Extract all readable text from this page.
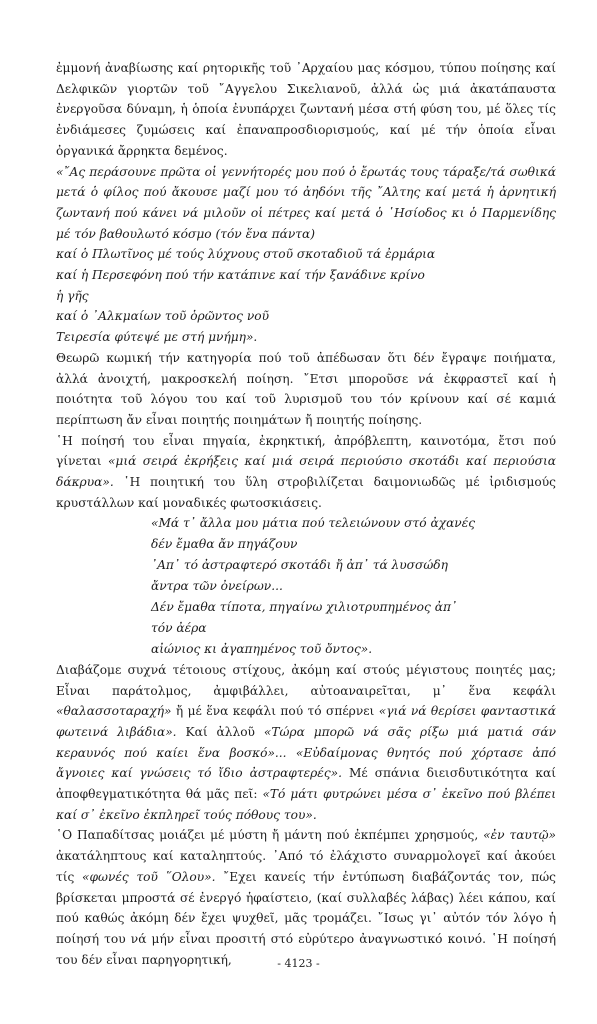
ἐμμονή ἀναβίωσης καί ρητορικῆς τοῦ ᾿Αρχαίου μας κόσμου, τύπου ποίησης καί Δελφικῶν γιορτῶν τοῦ ῎Αγγελου Σικελιανοῦ, ἀλλά ὡς μιά ἀκατάπαυστα ἐνεργοῦσα δύναμη, ἡ ὁποία ἐνυπάρχει ζωντανή μέσα στή φύση του, μέ ὅλες τίς ἐνδιάμεσες ζυμώσεις καί ἐπαναπροσδιορισμούς, καί μέ τήν ὁποία εἶναι ὀργανικά ἄρρηκτα δεμένος.

«῎Ας περάσουνε πρῶτα οἱ γεννήτορές μου πού ὁ ἔρωτάς τους τάραξε/τά σωθικά μετά ὁ φίλος πού ἄκουσε μαζί μου τό ἀηδόνι τῆς ῎Αλτης καί μετά ἡ ἀρνητική ζωντανή πού κάνει νά μιλοῦν οἱ πέτρες καί μετά ὁ ῾Ησίοδος κι ὁ Παρμενίδης μέ τόν βαθουλωτό κόσμο (τόν ἕνα πάντα)

καί ὁ Πλωτῖνος μέ τούς λύχνους στοῦ σκοταδιοῦ τά ἐρμάρια

καί ἡ Περσεφόνη πού τήν κατάπινε καί τήν ξανάδινε κρίνο

ἡ γῆς

καί ὁ ᾿Αλκμαίων τοῦ ὁρῶντος νοῦ

Τειρεσία φύτεψέ με στή μνήμη».

Θεωρῶ κωμική τήν κατηγορία πού τοῦ ἀπέδωσαν ὅτι δέν ἔγραψε ποιήματα, ἀλλά ἀνοιχτή, μακροσκελή ποίηση. ῎Ετσι μποροῦσε νά ἐκφραστεῖ καί ἡ ποιότητα τοῦ λόγου του καί τοῦ λυρισμοῦ του τόν κρίνουν καί σέ καμιά περίπτωση ἄν εἶναι ποιητής ποιημάτων ἤ ποιητής ποίησης.

῾Η ποίησή του εἶναι πηγαία, ἐκρηκτική, ἀπρόβλεπτη, καινοτόμα, ἔτσι πού γίνεται «μιά σειρά ἐκρήξεις καί μιά σειρά περιούσιο σκοτάδι καί περιούσια δάκρυα». ῾Η ποιητική του ὕλη στροβιλίζεται δαιμονιωδῶς μέ ἰριδισμούς κρυστάλλων καί μοναδικές φωτοσκιάσεις.

«Μά τ᾿ ἄλλα μου μάτια πού τελειώνουν στό ἀχανές
δέν ἔμαθα ἄν πηγάζουν
᾿Απ᾿ τό ἀστραφτερό σκοτάδι ἤ ἀπ᾿ τά λυσσώδη
ἄντρα τῶν ὀνείρων...
Δέν ἔμαθα τίποτα, πηγαίνω χιλιοτρυπημένος ἀπ᾿
τόν ἀέρα
αἰώνιος κι ἀγαπημένος τοῦ ὄντος».

Διαβάζομε συχνά τέτοιους στίχους, ἀκόμη καί στούς μέγιστους ποιητές μας; Εἶναι παράτολμος, ἀμφιβάλλει, αὐτοαναιρεῖται, μ᾿ ἕνα κεφάλι «θαλασσοταραχή» ἤ μέ ἕνα κεφάλι πού τό σπέρνει «γιά νά θερίσει φανταστικά φωτεινά λιβάδια». Καί ἀλλοῦ «Τώρα μπορῶ νά σᾶς ρίξω μιά ματιά σάν κεραυνός πού καίει ἕνα βοσκό»... «Εὐδαίμονας θνητός πού χόρτασε ἀπό ἄγνοιες καί γνώσεις τό ἴδιο ἀστραφτερές». Μέ σπάνια διεισδυτικότητα καί ἀποφθεγματικότητα θά μᾶς πεῖ: «Τό μάτι φυτρώνει μέσα σ᾿ ἐκεῖνο πού βλέπει καί σ᾿ ἐκεῖνο ἐκπληρεῖ τούς πόθους του».

῾Ο Παπαδίτσας μοιάζει μέ μύστη ἤ μάντη πού ἐκπέμπει χρησμούς, «ἐν ταυτῷ» ἀκατάληπτους καί καταληπτούς. ᾿Από τό ἐλάχιστο συναρμολογεῖ καί ἀκούει τίς «φωνές τοῦ ῞Ολου». ῎Εχει κανείς τήν ἐντύπωση διαβάζοντάς τον, πώς βρίσκεται μπροστά σέ ἐνεργό ἡφαίστειο, (καί συλλαβές λάβας) λέει κάπου, καί πού καθώς ἀκόμη δέν ἔχει ψυχθεῖ, μᾶς τρομάζει. ῎Ισως γι᾿ αὐτόν τόν λόγο ἡ ποίησή του νά μήν εἶναι προσιτή στό εὐρύτερο ἀναγνωστικό κοινό. ῾Η ποίησή του δέν εἶναι παρηγορητική,	- 4123 -
